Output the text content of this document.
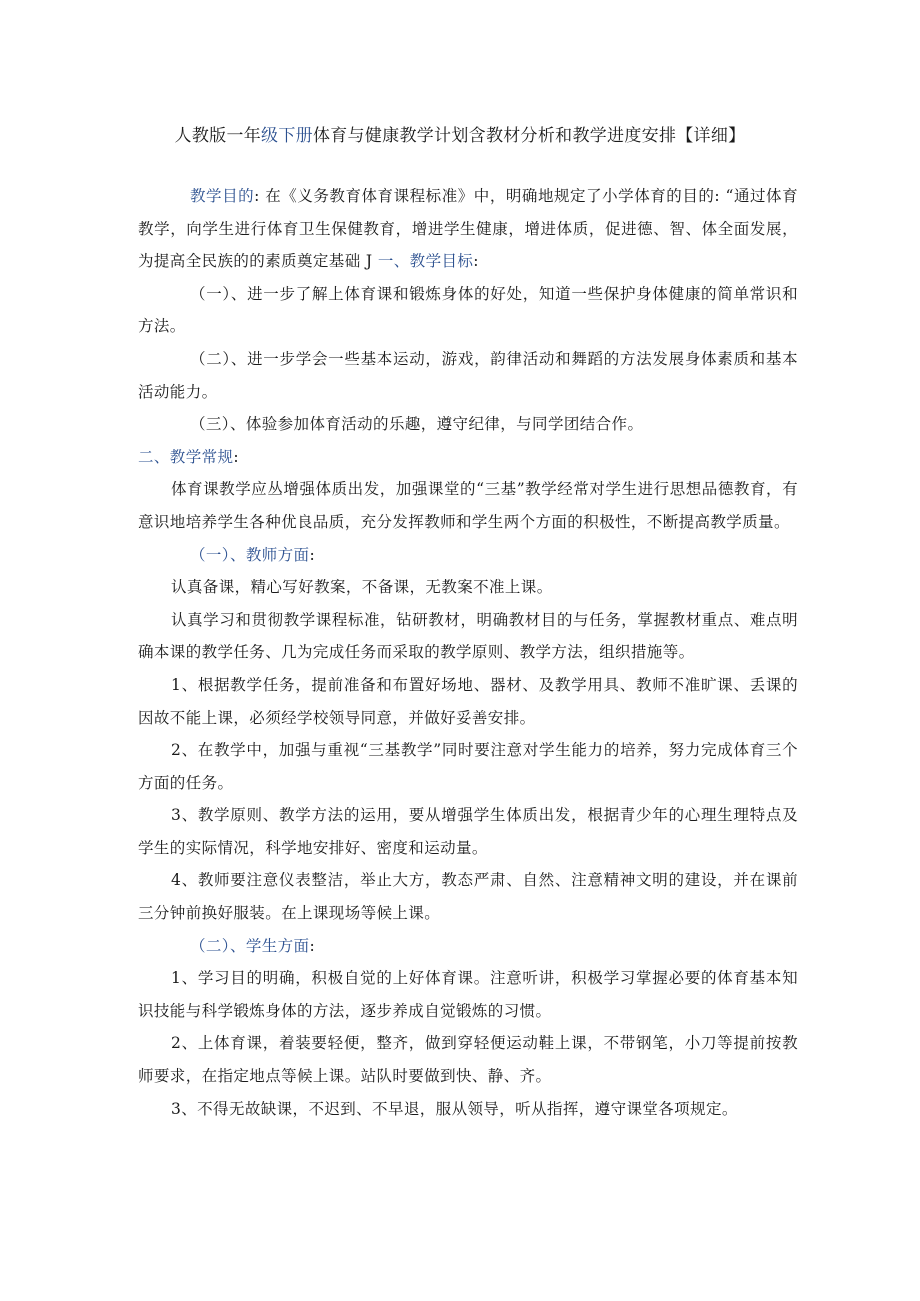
人教版一年级下册体育与健康教学计划含教材分析和教学进度安排【详细】

教学目的: 在《义务教育体育课程标准》中，明确地规定了小学体育的目的: “通过体育教学，向学生进行体育卫生保健教育，增进学生健康，增进体质，促进德、智、体全面发展，为提高全民族的的素质奠定基础 J 一、教学目标:

（一）、进一步了解上体育课和锻炼身体的好处，知道一些保护身体健康的简单常识和方法。

（二）、进一步学会一些基本运动，游戏，韵律活动和舞蹈的方法发展身体素质和基本活动能力。

（三）、体验参加体育活动的乐趣，遵守纪律，与同学团结合作。

二、教学常规:

体育课教学应丛增强体质出发，加强课堂的“三基”教学经常对学生进行思想品德教育，有意识地培养学生各种优良品质，充分发挥教师和学生两个方面的积极性，不断提高教学质量。

（一）、教师方面:

认真备课，精心写好教案，不备课，无教案不准上课。

认真学习和贯彻教学课程标准，钻研教材，明确教材目的与任务，掌握教材重点、难点明确本课的教学任务、几为完成任务而采取的教学原则、教学方法，组织措施等。

1、根据教学任务，提前准备和布置好场地、器材、及教学用具、教师不准旷课、丢课的因故不能上课，必须经学校领导同意，并做好妥善安排。

2、在教学中，加强与重视“三基教学”同时要注意对学生能力的培养，努力完成体育三个方面的任务。

3、教学原则、教学方法的运用，要从增强学生体质出发，根据青少年的心理生理特点及学生的实际情况，科学地安排好、密度和运动量。

4、教师要注意仪表整洁，举止大方，教态严肃、自然、注意精神文明的建设，并在课前三分钟前换好服装。在上课现场等候上课。

（二）、学生方面:

1、学习目的明确，积极自觉的上好体育课。注意听讲，积极学习掌握必要的体育基本知识技能与科学锻炼身体的方法，逐步养成自觉锻炼的习惯。

2、上体育课，着装要轻便，整齐，做到穿轻便运动鞋上课，不带钢笔，小刀等提前按教师要求，在指定地点等候上课。站队时要做到快、静、齐。

3、不得无故缺课，不迟到、不早退，服从领导，听从指挥，遵守课堂各项规定。
